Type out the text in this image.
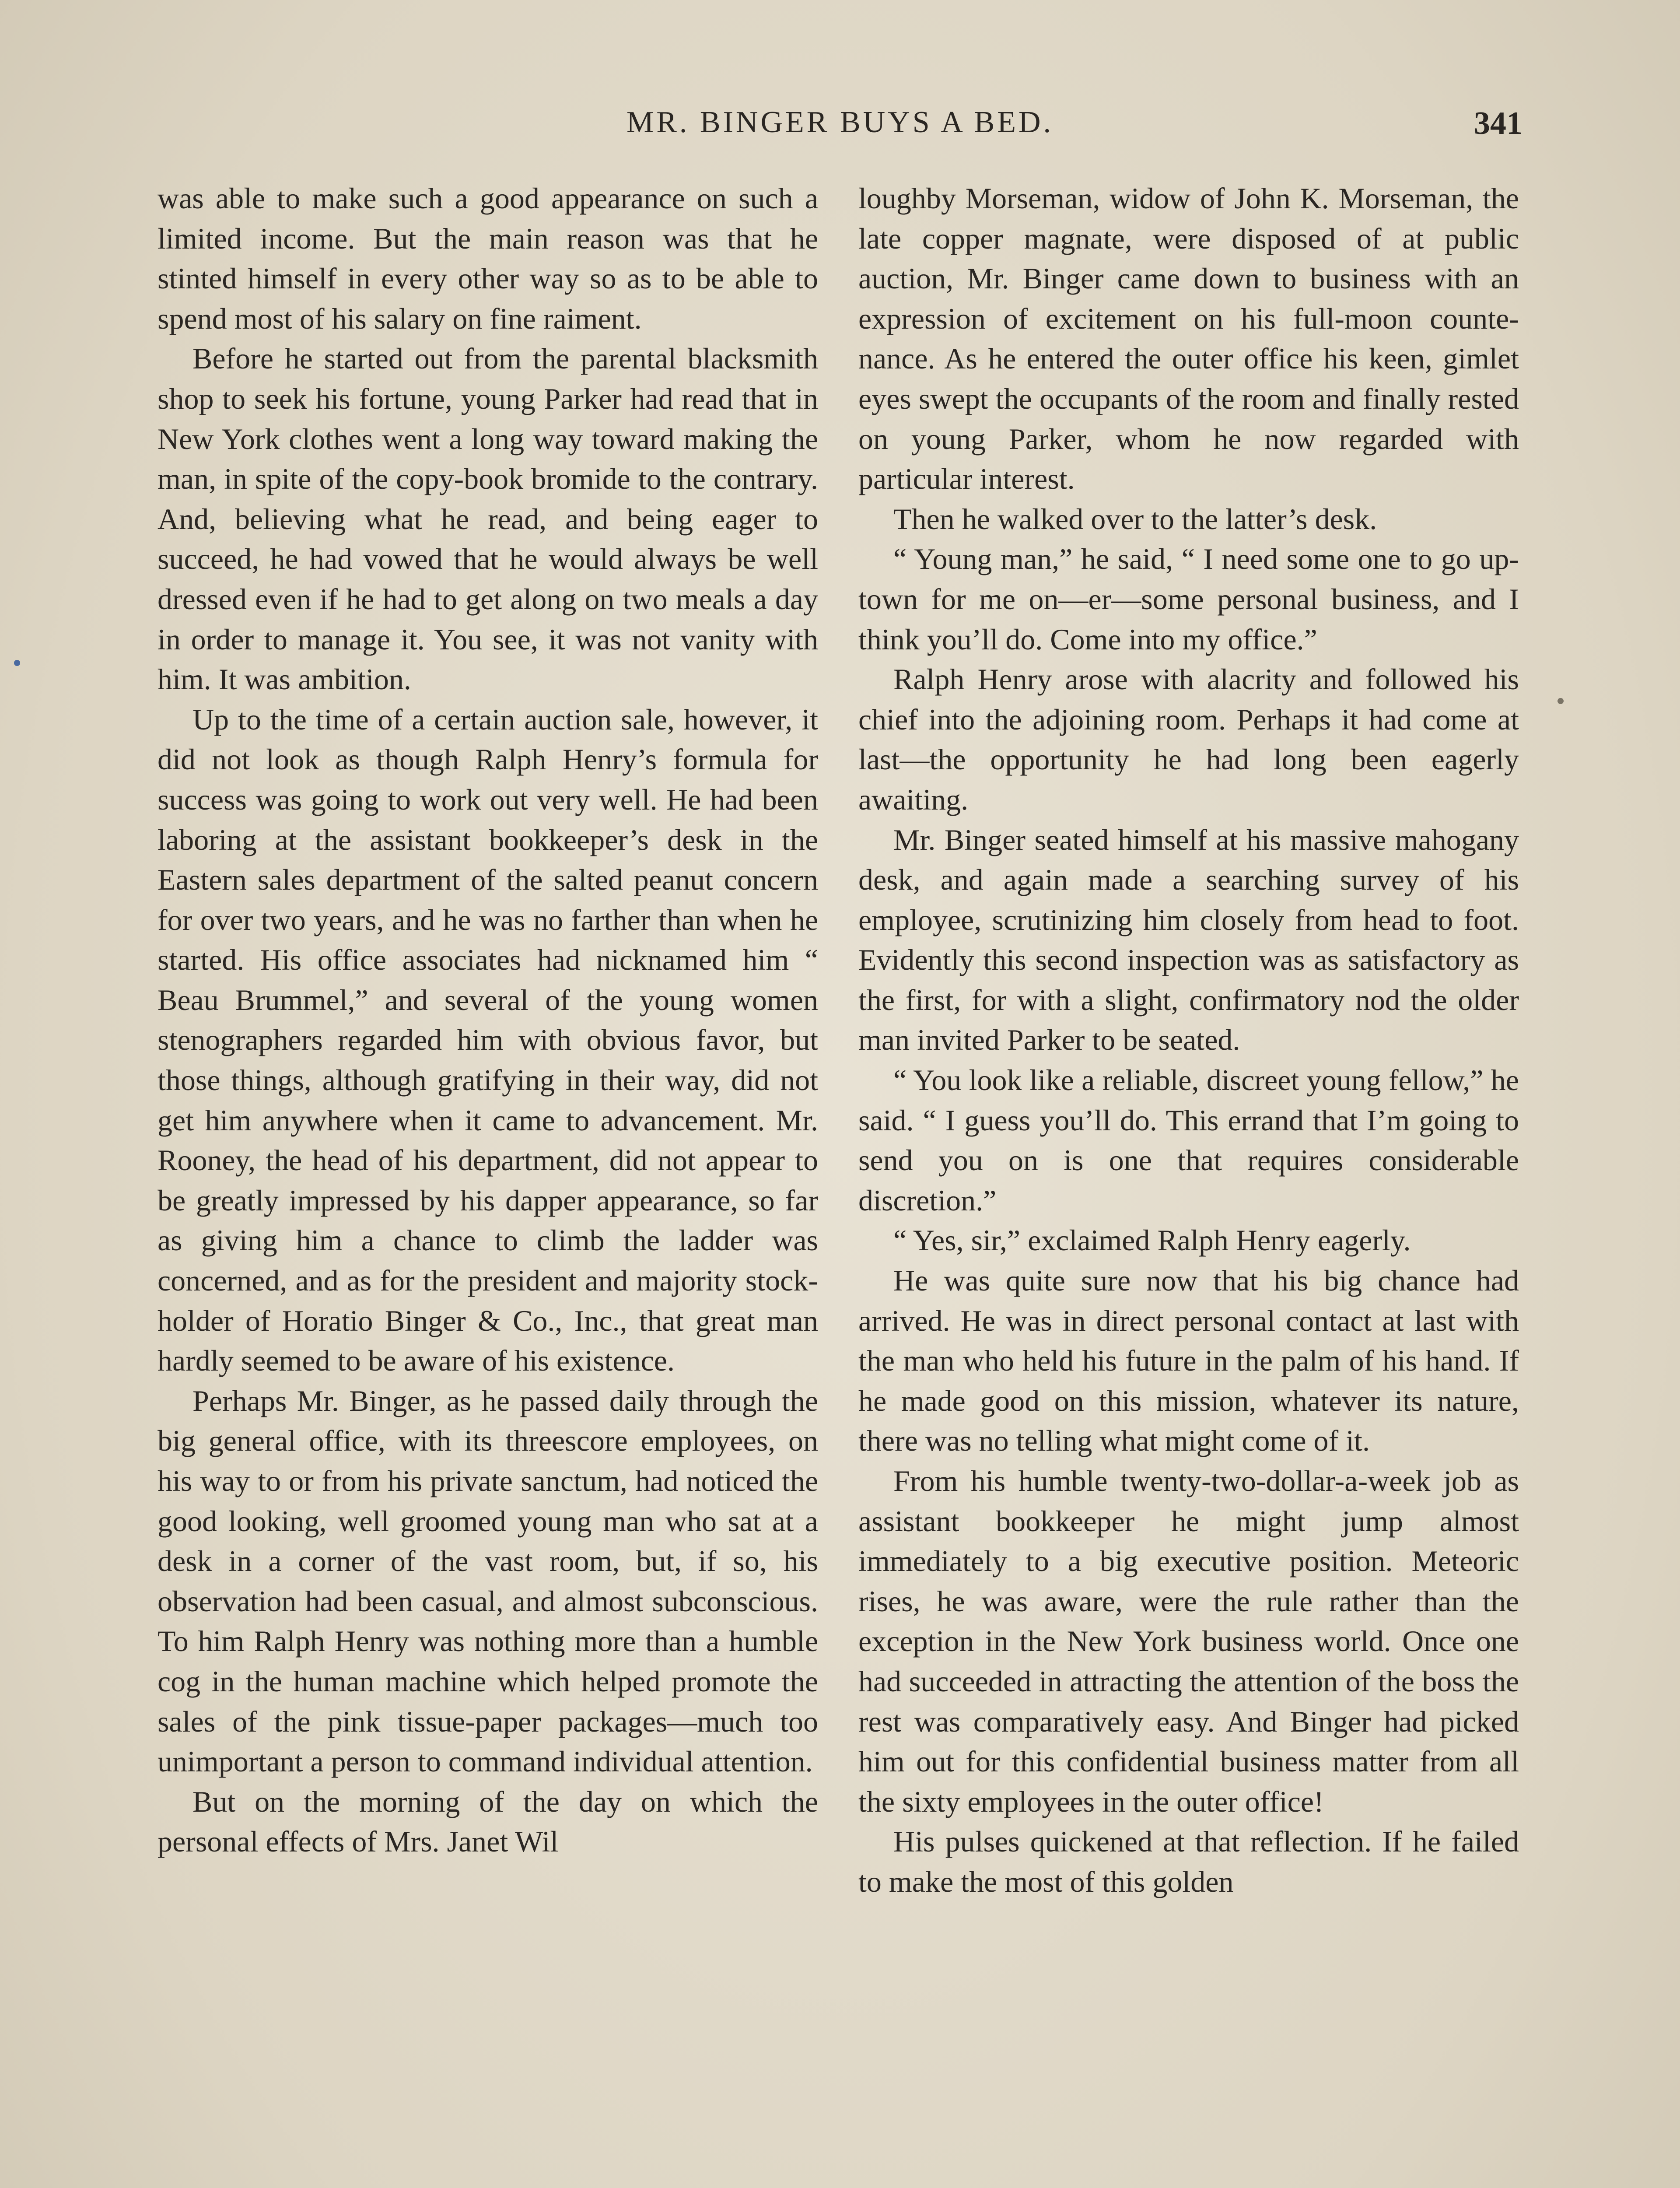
MR. BINGER BUYS A BED.	341

was able to make such a good appearance on such a limited income. But the main reason was that he stinted himself in every other way so as to be able to spend most of his salary on fine raiment.

Before he started out from the parental blacksmith shop to seek his fortune, young Parker had read that in New York clothes went a long way toward making the man, in spite of the copy-book bromide to the contrary. And, believing what he read, and being eager to succeed, he had vowed that he would always be well dressed even if he had to get along on two meals a day in order to manage it. You see, it was not vanity with him. It was ambition.

Up to the time of a certain auction sale, however, it did not look as though Ralph Henry’s formula for success was going to work out very well. He had been laboring at the assistant bookkeeper’s desk in the Eastern sales department of the salted peanut concern for over two years, and he was no farther than when he started. His office associates had nicknamed him “ Beau Brummel,” and several of the young women stenographers regarded him with obvious favor, but those things, although gratifying in their way, did not get him anywhere when it came to advancement. Mr. Rooney, the head of his department, did not appear to be greatly impressed by his dapper appearance, so far as giving him a chance to climb the ladder was concerned, and as for the president and majority stockholder of Horatio Binger & Co., Inc., that great man hardly seemed to be aware of his existence.

Perhaps Mr. Binger, as he passed daily through the big general office, with its threescore employees, on his way to or from his private sanctum, had noticed the good looking, well groomed young man who sat at a desk in a corner of the vast room, but, if so, his observation had been casual, and almost subconscious. To him Ralph Henry was nothing more than a humble cog in the human machine which helped promote the sales of the pink tissue-paper packages—much too unimportant a person to command individual attention.

But on the morning of the day on which the personal effects of Mrs. Janet Wil

loughby Morseman, widow of John K. Morseman, the late copper magnate, were disposed of at public auction, Mr. Binger came down to business with an expression of excitement on his full-moon countenance. As he entered the outer office his keen, gimlet eyes swept the occupants of the room and finally rested on young Parker, whom he now regarded with particular interest.

Then he walked over to the latter’s desk.

“ Young man,” he said, “ I need some one to go up-town for me on—er—some personal business, and I think you’ll do. Come into my office.”

Ralph Henry arose with alacrity and followed his chief into the adjoining room. Perhaps it had come at last—the opportunity he had long been eagerly awaiting.

Mr. Binger seated himself at his massive mahogany desk, and again made a searching survey of his employee, scrutinizing him closely from head to foot. Evidently this second inspection was as satisfactory as the first, for with a slight, confirmatory nod the older man invited Parker to be seated.

“ You look like a reliable, discreet young fellow,” he said. “ I guess you’ll do. This errand that I’m going to send you on is one that requires considerable discretion.”

“ Yes, sir,” exclaimed Ralph Henry eagerly.

He was quite sure now that his big chance had arrived. He was in direct personal contact at last with the man who held his future in the palm of his hand. If he made good on this mission, whatever its nature, there was no telling what might come of it.

From his humble twenty-two-dollar-a-week job as assistant bookkeeper he might jump almost immediately to a big executive position. Meteoric rises, he was aware, were the rule rather than the exception in the New York business world. Once one had succeeded in attracting the attention of the boss the rest was comparatively easy. And Binger had picked him out for this confidential business matter from all the sixty employees in the outer office!

His pulses quickened at that reflection. If he failed to make the most of this golden
